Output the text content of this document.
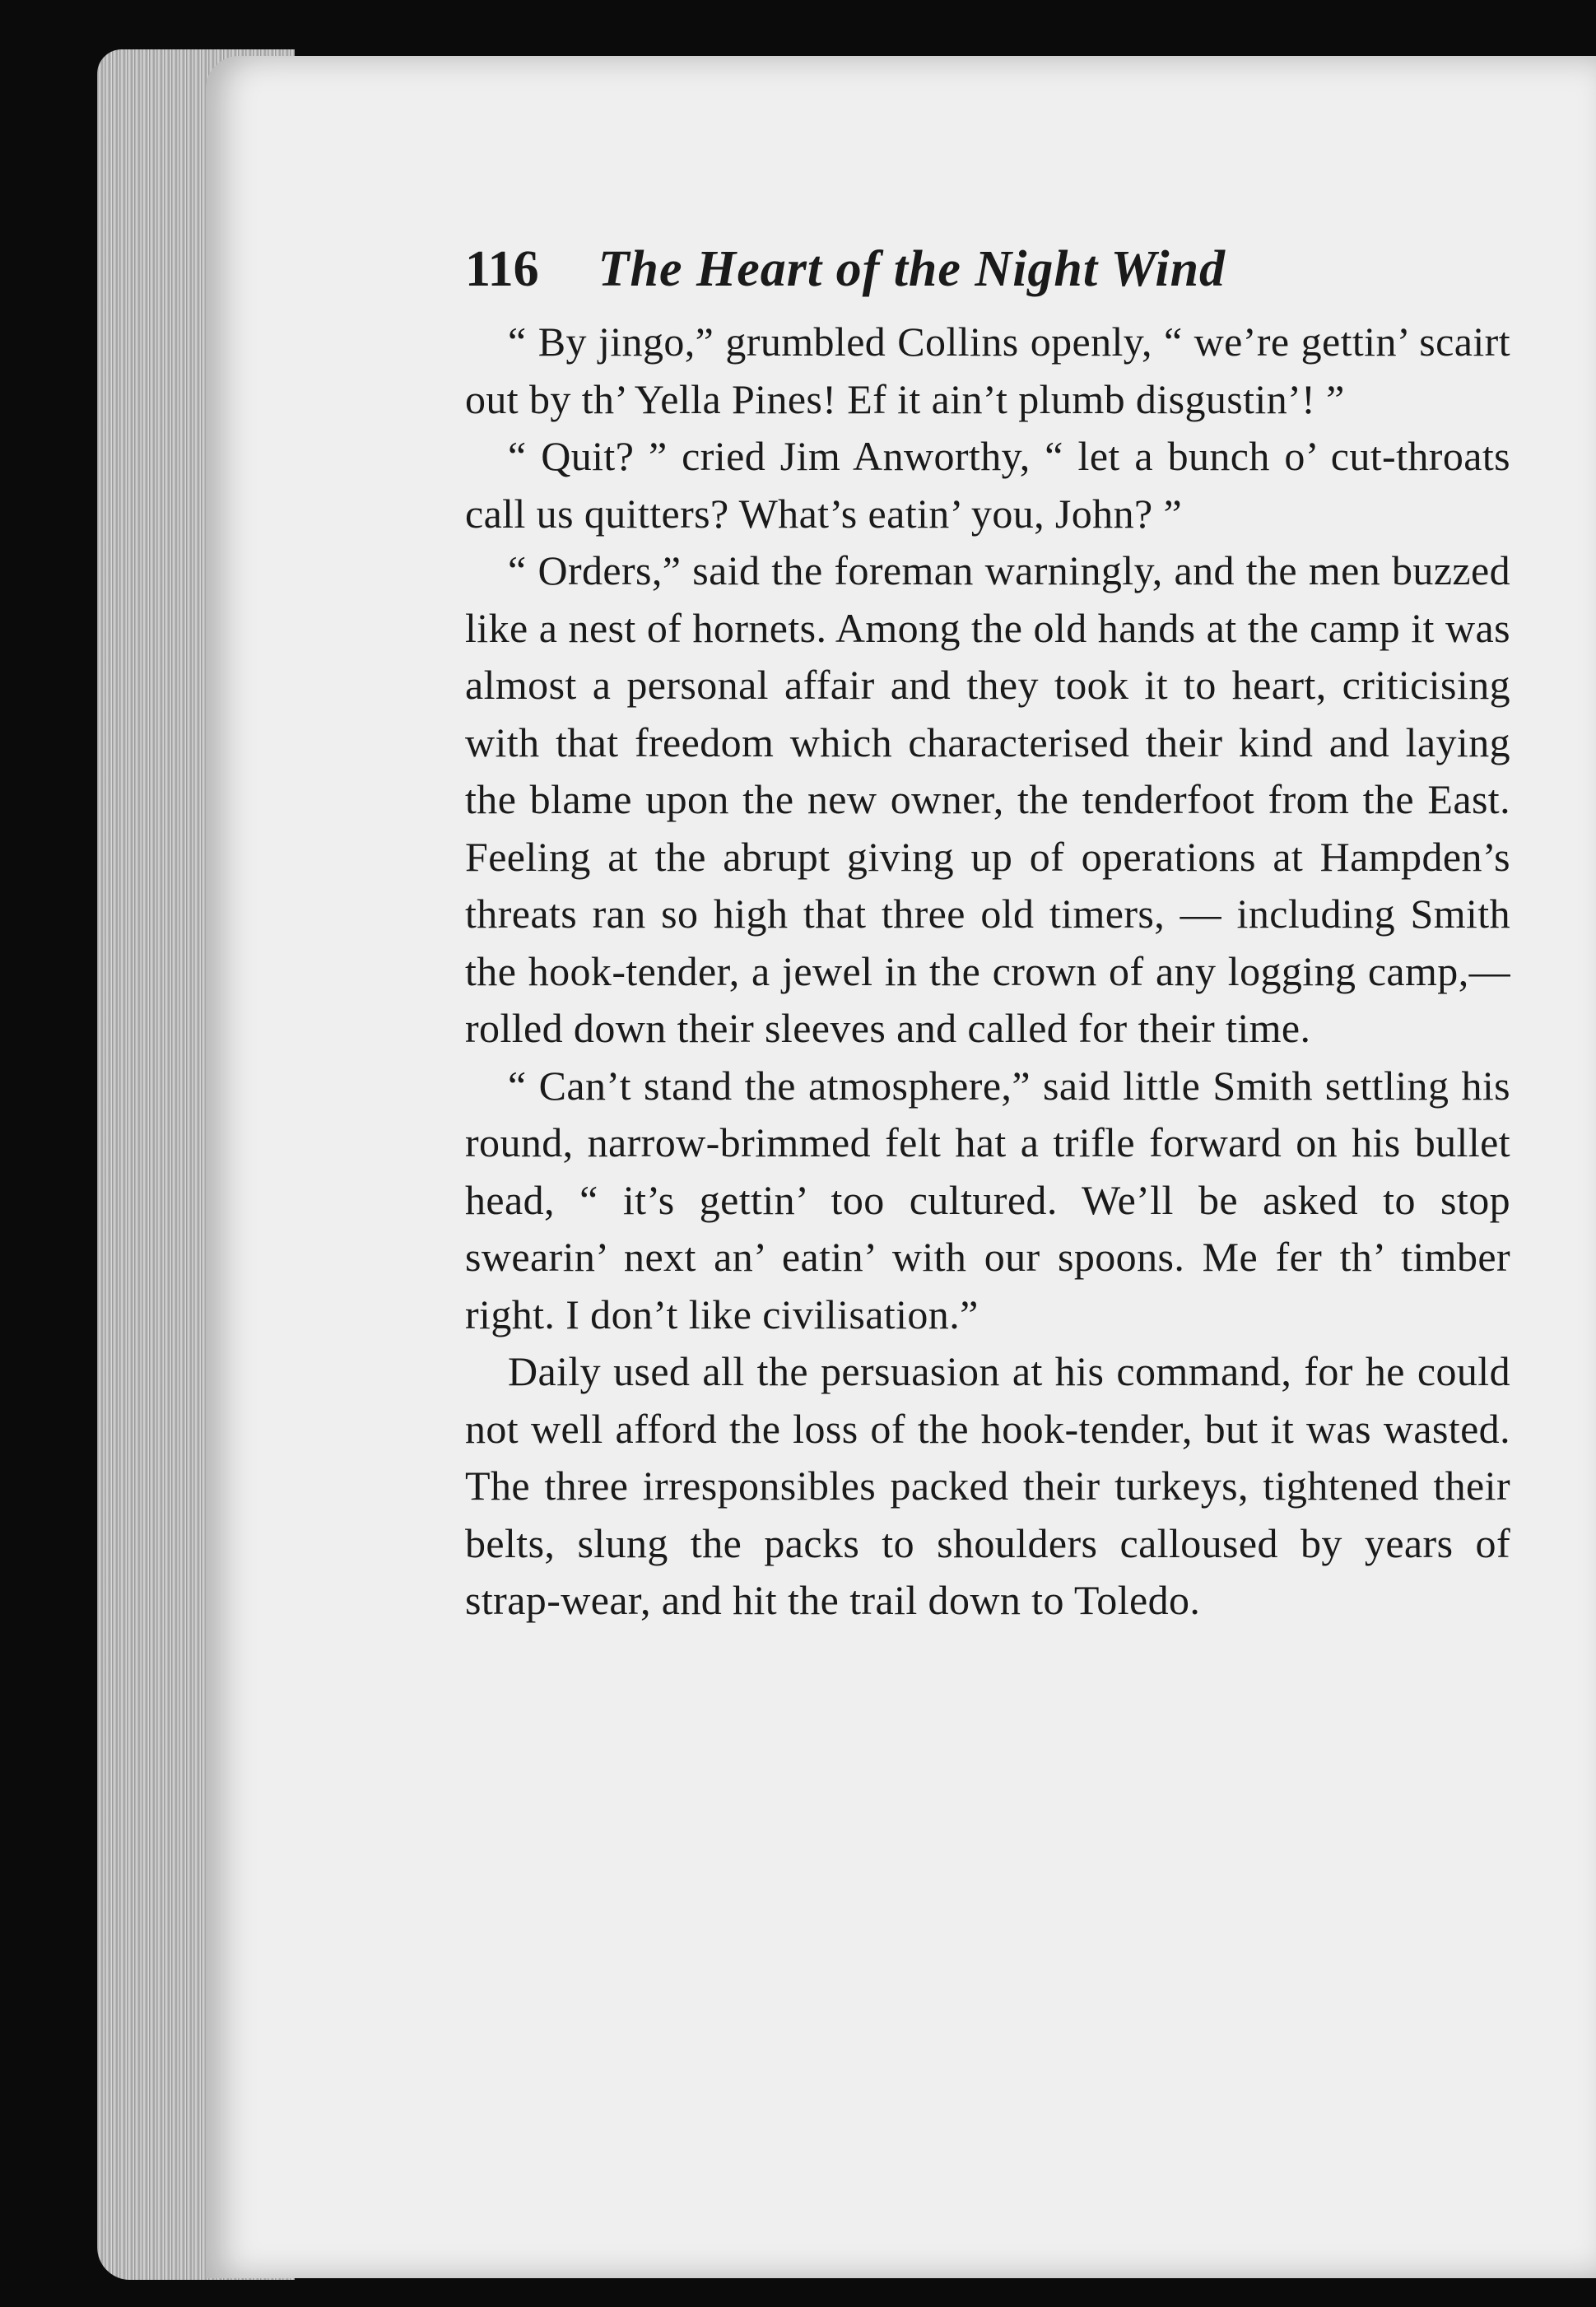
116 The Heart of the Night Wind

“ By jingo,” grumbled Collins openly, “ we’re gettin’ scairt out by th’ Yella Pines! Ef it ain’t plumb disgustin’! ”

“ Quit? ” cried Jim Anworthy, “ let a bunch o’ cut-throats call us quitters? What’s eatin’ you, John? ”

“ Orders,” said the foreman warningly, and the men buzzed like a nest of hornets. Among the old hands at the camp it was almost a personal affair and they took it to heart, criticising with that freedom which characterised their kind and laying the blame upon the new owner, the tenderfoot from the East. Feeling at the abrupt giving up of operations at Hampden’s threats ran so high that three old timers, — including Smith the hook-tender, a jewel in the crown of any logging camp,— rolled down their sleeves and called for their time.

“ Can’t stand the atmosphere,” said little Smith settling his round, narrow-brimmed felt hat a trifle forward on his bullet head, “ it’s gettin’ too cultured. We’ll be asked to stop swearin’ next an’ eatin’ with our spoons. Me fer th’ timber right. I don’t like civilisation.”

Daily used all the persuasion at his command, for he could not well afford the loss of the hook-tender, but it was wasted. The three irresponsibles packed their turkeys, tightened their belts, slung the packs to shoulders calloused by years of strap-wear, and hit the trail down to Toledo.
